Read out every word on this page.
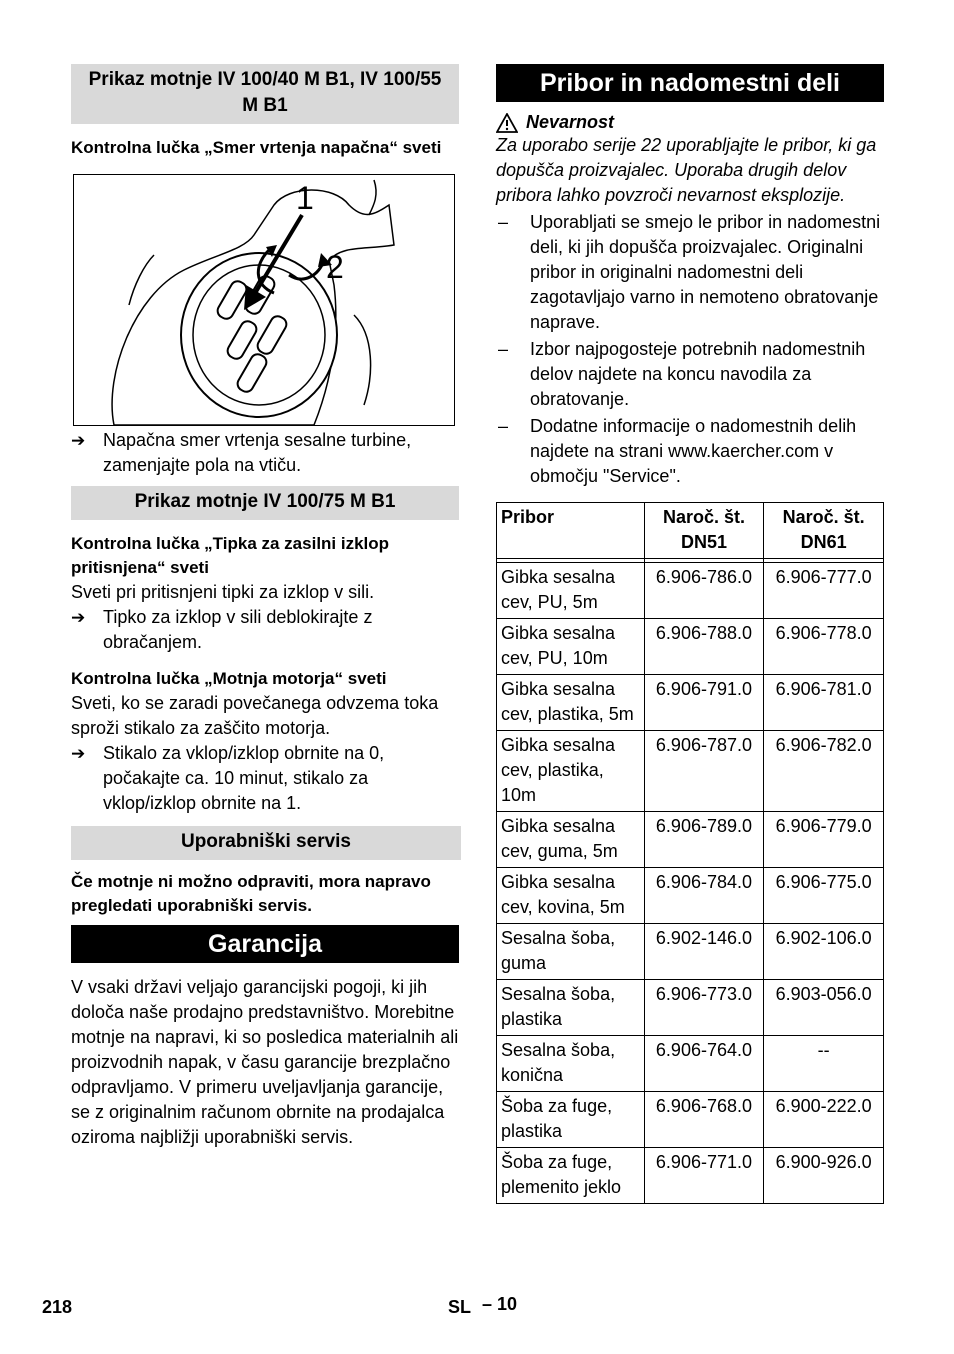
Prikaz motnje IV 100/40 M B1, IV 100/55 M B1
Kontrolna lučka „Smer vrtenja napačna“ sveti
1
2
➔ Napačna smer vrtenja sesalne turbine, zamenjajte pola na vtiču.
Prikaz motnje IV 100/75 M B1
Kontrolna lučka „Tipka za zasilni izklop pritisnjena“ sveti

Sveti pri pritisnjeni tipki za izklop v sili.

➔ Tipko za izklop v sili deblokirajte z obračanjem.
Kontrolna lučka „Motnja motorja“ sveti

Sveti, ko se zaradi povečanega odvzema toka sproži stikalo za zaščito motorja.

➔ Stikalo za vklop/izklop obrnite na 0, počakajte ca. 10 minut, stikalo za vklop/izklop obrnite na 1.
Uporabniški servis
Če motnje ni možno odpraviti, mora napravo pregledati uporabniški servis.
Garancija

V vsaki državi veljajo garancijski pogoji, ki jih določa naše prodajno predstavništvo. Morebitne motnje na napravi, ki so posledica materialnih ali proizvodnih napak, v času garancije brezplačno odpravljamo. V primeru uveljavljanja garancije, se z originalnim računom obrnite na prodajalca oziroma najbližji uporabniški servis.

Pribor in nadomestni deli
Nevarnost
Za uporabo serije 22 uporabljajte le pribor, ki ga dopušča proizvajalec. Uporaba drugih delov pribora lahko povzroči nevarnost eksplozije.
–	Uporabljati se smejo le pribor in nadomestni deli, ki jih dopušča proizvajalec. Originalni pribor in originalni nadomestni deli zagotavljajo varno in nemoteno obratovanje naprave.
–	Izbor najpogosteje potrebnih nadomestnih delov najdete na koncu navodila za obratovanje.
–	Dodatne informacije o nadomestnih delih najdete na strani www.kaercher.com v območju "Service".
Pribor	Naroč. št. DN51	Naroč. št. DN61

Gibka sesalna cev, PU, 5m	6.906-786.0	6.906-777.0
Gibka sesalna cev, PU, 10m	6.906-788.0	6.906-778.0
Gibka sesalna cev, plastika, 5m	6.906-791.0	6.906-781.0
Gibka sesalna cev, plastika, 10m	6.906-787.0	6.906-782.0
Gibka sesalna cev, guma, 5m	6.906-789.0	6.906-779.0
Gibka sesalna cev, kovina, 5m	6.906-784.0	6.906-775.0
Sesalna šoba, guma	6.902-146.0	6.902-106.0
Sesalna šoba, plastika	6.906-773.0	6.903-056.0
Sesalna šoba, konična	6.906-764.0	--
Šoba za fuge, plastika	6.906-768.0	6.900-222.0
Šoba za fuge, plemenito jeklo	6.906-771.0	6.900-926.0
218	SL – 10
